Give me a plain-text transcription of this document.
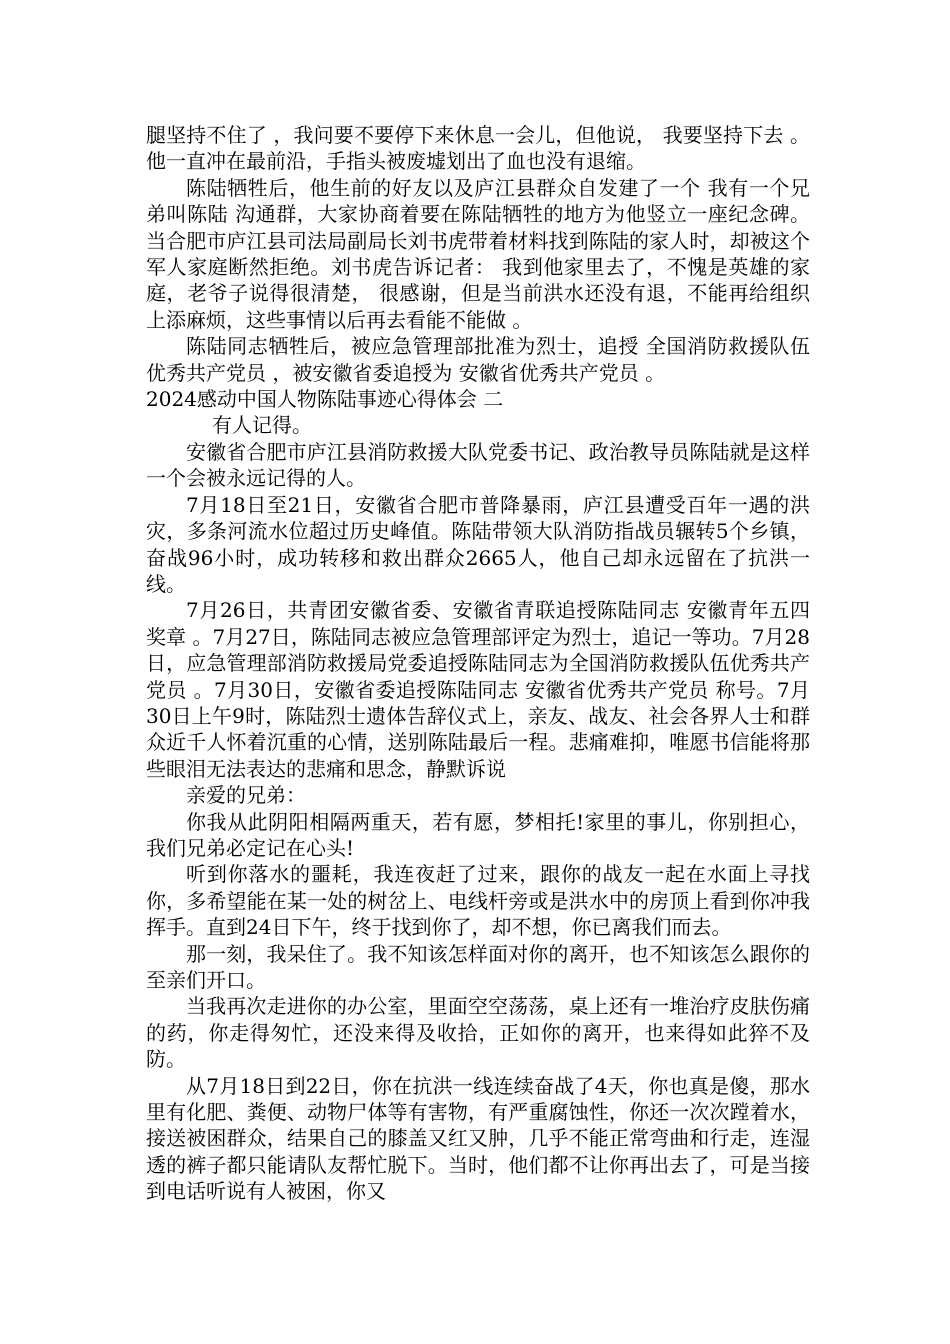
腿坚持不住了 ，我问要不要停下来休息一会儿，但他说， 我要坚持下去 。他一直冲在最前沿，手指头被废墟划出了血也没有退缩。

陈陆牺牲后，他生前的好友以及庐江县群众自发建了一个 我有一个兄弟叫陈陆 沟通群，大家协商着要在陈陆牺牲的地方为他竖立一座纪念碑。当合肥市庐江县司法局副局长刘书虎带着材料找到陈陆的家人时，却被这个军人家庭断然拒绝。刘书虎告诉记者： 我到他家里去了，不愧是英雄的家庭，老爷子说得很清楚， 很感谢，但是当前洪水还没有退，不能再给组织上添麻烦，这些事情以后再去看能不能做 。

陈陆同志牺牲后，被应急管理部批准为烈士，追授 全国消防救援队伍优秀共产党员 ，被安徽省委追授为 安徽省优秀共产党员 。

2024感动中国人物陈陆事迹心得体会 二

有人记得。

安徽省合肥市庐江县消防救援大队党委书记、政治教导员陈陆就是这样一个会被永远记得的人。

7月18日至21日，安徽省合肥市普降暴雨，庐江县遭受百年一遇的洪灾，多条河流水位超过历史峰值。陈陆带领大队消防指战员辗转5个乡镇，奋战96小时，成功转移和救出群众2665人，他自己却永远留在了抗洪一线。

7月26日，共青团安徽省委、安徽省青联追授陈陆同志 安徽青年五四奖章 。7月27日，陈陆同志被应急管理部评定为烈士，追记一等功。7月28日，应急管理部消防救援局党委追授陈陆同志为全国消防救援队伍优秀共产党员 。7月30日，安徽省委追授陈陆同志 安徽省优秀共产党员 称号。7月30日上午9时，陈陆烈士遗体告辞仪式上，亲友、战友、社会各界人士和群众近千人怀着沉重的心情，送别陈陆最后一程。悲痛难抑，唯愿书信能将那些眼泪无法表达的悲痛和思念，静默诉说

亲爱的兄弟：

你我从此阴阳相隔两重天，若有愿，梦相托!家里的事儿，你别担心，我们兄弟必定记在心头!

听到你落水的噩耗，我连夜赶了过来，跟你的战友一起在水面上寻找你，多希望能在某一处的树岔上、电线杆旁或是洪水中的房顶上看到你冲我挥手。直到24日下午，终于找到你了，却不想，你已离我们而去。

那一刻，我呆住了。我不知该怎样面对你的离开，也不知该怎么跟你的至亲们开口。

当我再次走进你的办公室，里面空空荡荡，桌上还有一堆治疗皮肤伤痛的药，你走得匆忙，还没来得及收拾，正如你的离开，也来得如此猝不及防。

从7月18日到22日，你在抗洪一线连续奋战了4天，你也真是傻，那水里有化肥、粪便、动物尸体等有害物，有严重腐蚀性，你还一次次蹚着水，接送被困群众，结果自己的膝盖又红又肿，几乎不能正常弯曲和行走，连湿透的裤子都只能请队友帮忙脱下。当时，他们都不让你再出去了，可是当接到电话听说有人被困，你又
